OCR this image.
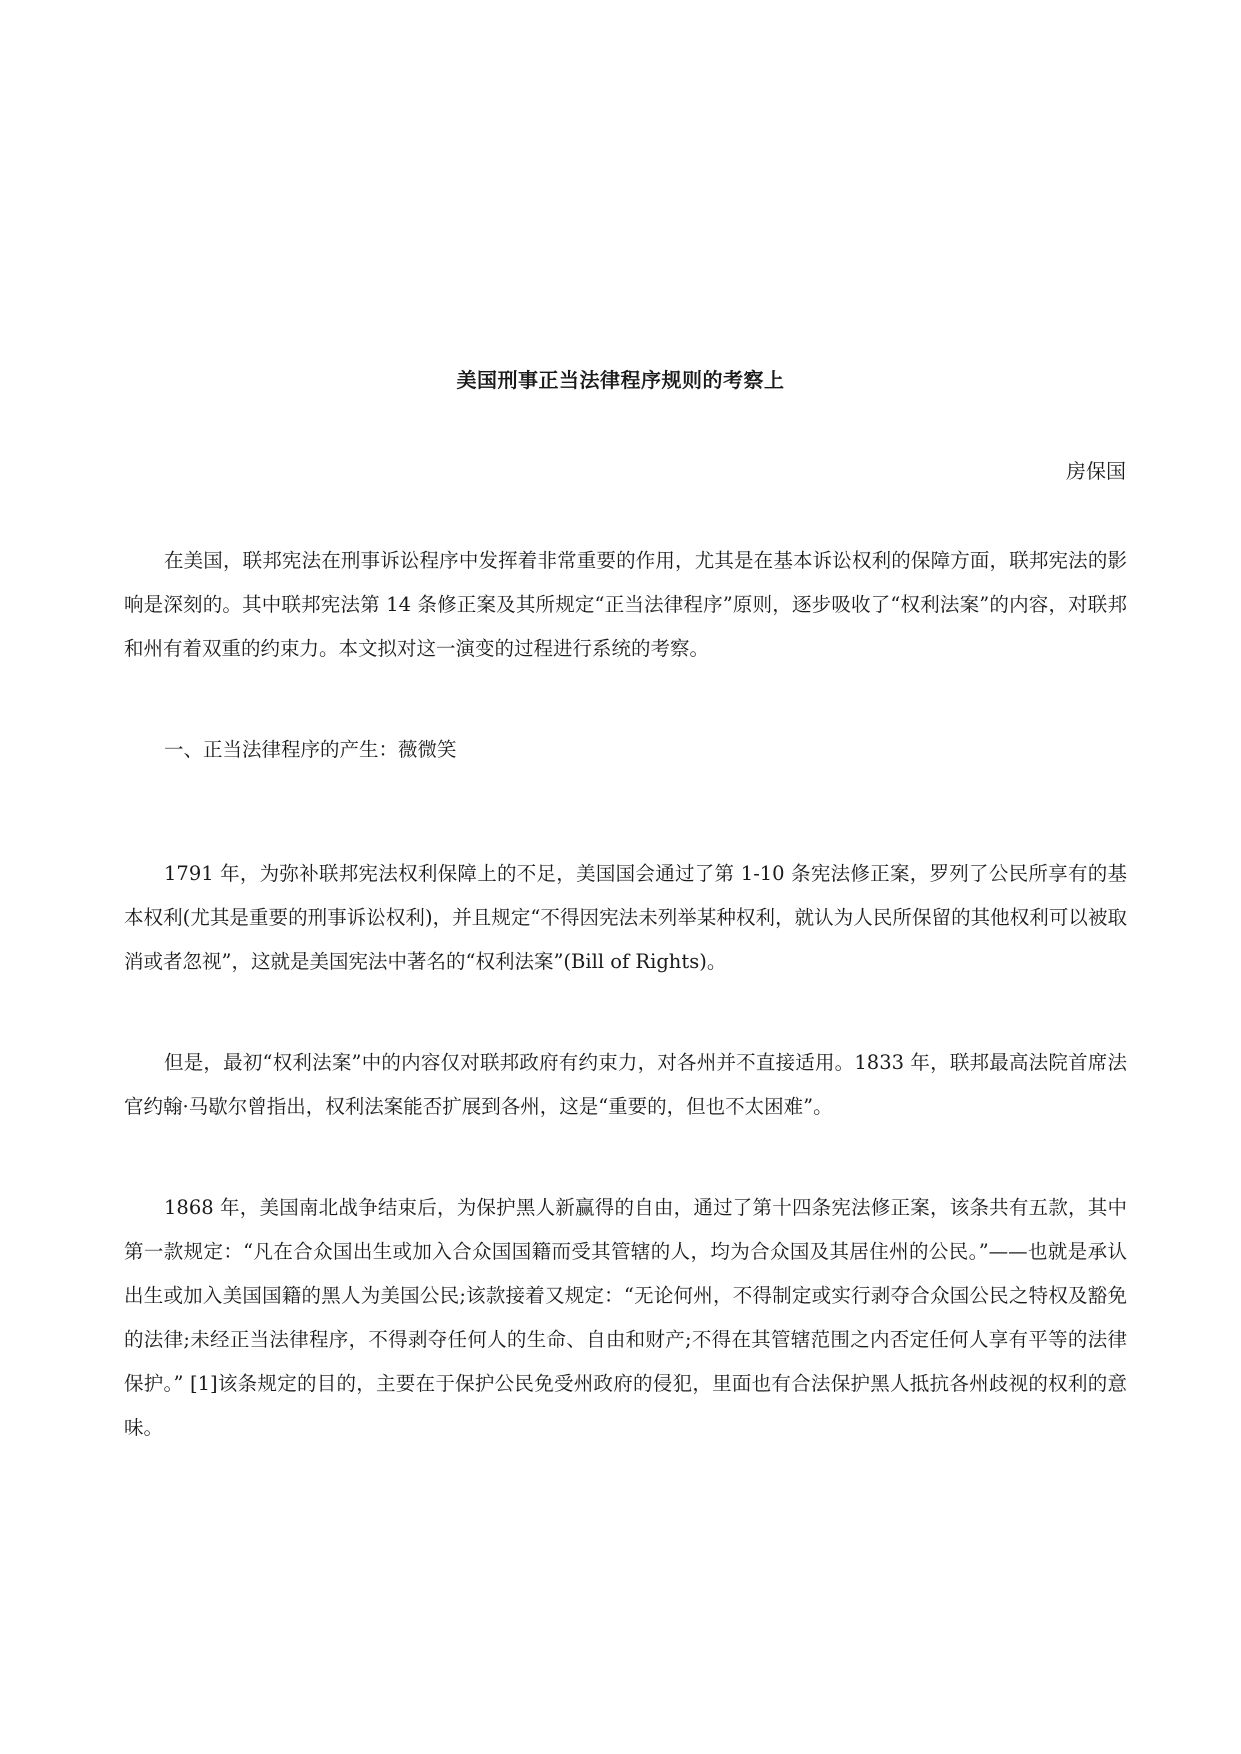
美国刑事正当法律程序规则的考察上
房保国

在美国，联邦宪法在刑事诉讼程序中发挥着非常重要的作用，尤其是在基本诉讼权利的保障方面，联邦宪法的影响是深刻的。其中联邦宪法第 14 条修正案及其所规定“正当法律程序”原则，逐步吸收了“权利法案”的内容，对联邦和州有着双重的约束力。本文拟对这一演变的过程进行系统的考察。

一、正当法律程序的产生：薇微笑

1791 年，为弥补联邦宪法权利保障上的不足，美国国会通过了第 1-10 条宪法修正案，罗列了公民所享有的基本权利(尤其是重要的刑事诉讼权利)，并且规定“不得因宪法未列举某种权利，就认为人民所保留的其他权利可以被取消或者忽视”，这就是美国宪法中著名的“权利法案”(Bill of Rights)。

但是，最初“权利法案”中的内容仅对联邦政府有约束力，对各州并不直接适用。1833 年，联邦最高法院首席法官约翰·马歇尔曾指出，权利法案能否扩展到各州，这是“重要的，但也不太困难”。

1868 年，美国南北战争结束后，为保护黑人新赢得的自由，通过了第十四条宪法修正案，该条共有五款，其中第一款规定：“凡在合众国出生或加入合众国国籍而受其管辖的人，均为合众国及其居住州的公民。”——也就是承认出生或加入美国国籍的黑人为美国公民;该款接着又规定：“无论何州，不得制定或实行剥夺合众国公民之特权及豁免的法律;未经正当法律程序，不得剥夺任何人的生命、自由和财产;不得在其管辖范围之内否定任何人享有平等的法律保护。” [1]该条规定的目的，主要在于保护公民免受州政府的侵犯，里面也有合法保护黑人抵抗各州歧视的权利的意味。
